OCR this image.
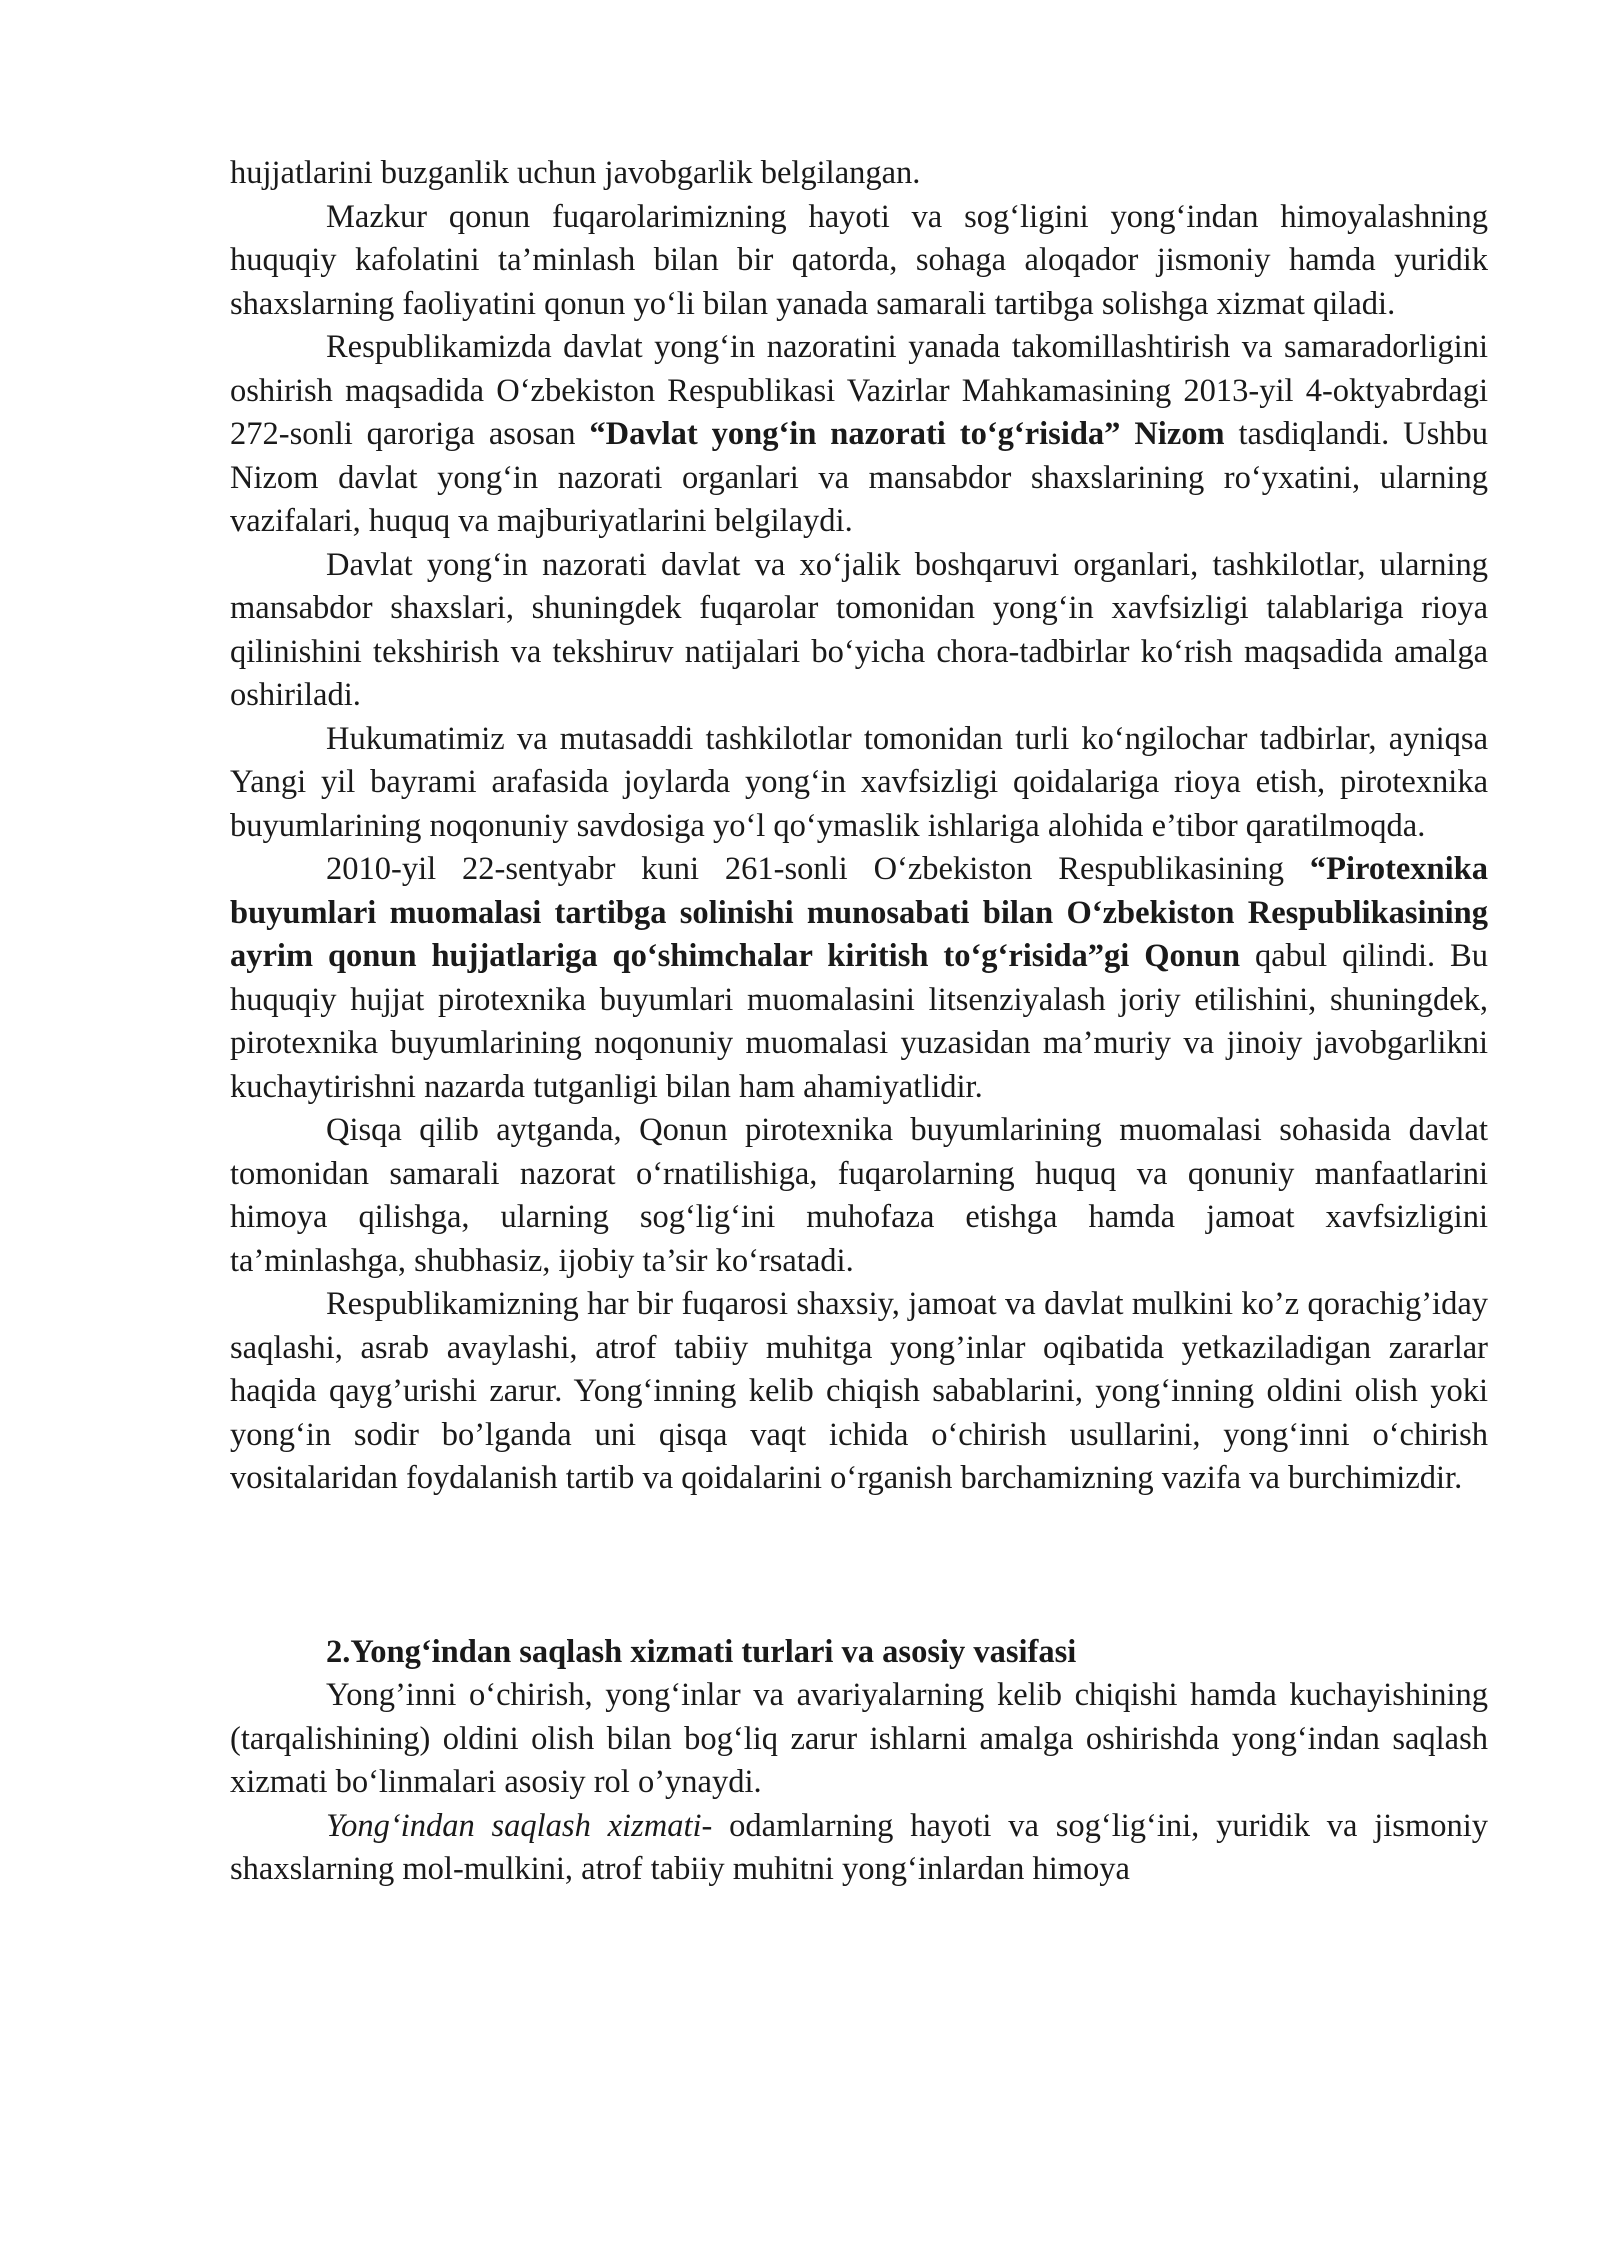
hujjatlarini buzganlik uchun javobgarlik belgilangan.

Mazkur qonun fuqarolarimizning hayoti va sog‘ligini yong‘indan himoyalashning huquqiy kafolatini ta’minlash bilan bir qatorda, sohaga aloqador jismoniy hamda yuridik shaxslarning faoliyatini qonun yo‘li bilan yanada samarali tartibga solishga xizmat qiladi.

Respublikamizda davlat yong‘in nazoratini yanada takomillashtirish va samaradorligini oshirish maqsadida O‘zbekiston Respublikasi Vazirlar Mahkamasining 2013-yil 4-oktyabrdagi 272-sonli qaroriga asosan “Davlat yong‘in nazorati to‘g‘risida” Nizom tasdiqlandi. Ushbu Nizom davlat yong‘in nazorati organlari va mansabdor shaxslarining ro‘yxatini, ularning vazifalari, huquq va majburiyatlarini belgilaydi.

Davlat yong‘in nazorati davlat va xo‘jalik boshqaruvi organlari, tashkilotlar, ularning mansabdor shaxslari, shuningdek fuqarolar tomonidan yong‘in xavfsizligi talablariga rioya qilinishini tekshirish va tekshiruv natijalari bo‘yicha chora-tadbirlar ko‘rish maqsadida amalga oshiriladi.

Hukumatimiz va mutasaddi tashkilotlar tomonidan turli ko‘ngilochar tadbirlar, ayniqsa Yangi yil bayrami arafasida joylarda yong‘in xavfsizligi qoidalariga rioya etish, pirotexnika buyumlarining noqonuniy savdosiga yo‘l qo‘ymaslik ishlariga alohida e’tibor qaratilmoqda.

2010-yil 22-sentyabr kuni 261-sonli O‘zbekiston Respublikasining “Pirotexnika buyumlari muomalasi tartibga solinishi munosabati bilan O‘zbekiston Respublikasining ayrim qonun hujjatlariga qo‘shimchalar kiritish to‘g‘risida”gi Qonun qabul qilindi. Bu huquqiy hujjat pirotexnika buyumlari muomalasini litsenziyalash joriy etilishini, shuningdek, pirotexnika buyumlarining noqonuniy muomalasi yuzasidan ma’muriy va jinoiy javobgarlikni kuchaytirishni nazarda tutganligi bilan ham ahamiyatlidir.

Qisqa qilib aytganda, Qonun pirotexnika buyumlarining muomalasi sohasida davlat tomonidan samarali nazorat o‘rnatilishiga, fuqarolarning huquq va qonuniy manfaatlarini himoya qilishga, ularning sog‘lig‘ini muhofaza etishga hamda jamoat xavfsizligini ta’minlashga, shubhasiz, ijobiy ta’sir ko‘rsatadi.

Respublikamizning har bir fuqarosi shaxsiy, jamoat va davlat mulkini ko’z qorachig’iday saqlashi, asrab avaylashi, atrof tabiiy muhitga yong’inlar oqibatida yetkaziladigan zararlar haqida qayg’urishi zarur. Yong‘inning kelib chiqish sabablarini, yong‘inning oldini olish yoki yong‘in sodir bo’lganda uni qisqa vaqt ichida o‘chirish usullarini, yong‘inni o‘chirish vositalaridan foydalanish tartib va qoidalarini o‘rganish barchamizning vazifa va burchimizdir.

2.Yong‘indan saqlash xizmati turlari va asosiy vasifasi

Yong’inni o‘chirish, yong‘inlar va avariyalarning kelib chiqishi hamda kuchayishining (tarqalishining) oldini olish bilan bog‘liq zarur ishlarni amalga oshirishda yong‘indan saqlash xizmati bo‘linmalari asosiy rol o’ynaydi.

Yong‘indan saqlash xizmati- odamlarning hayoti va sog‘lig‘ini, yuridik va jismoniy shaxslarning mol-mulkini, atrof tabiiy muhitni yong‘inlardan himoya
